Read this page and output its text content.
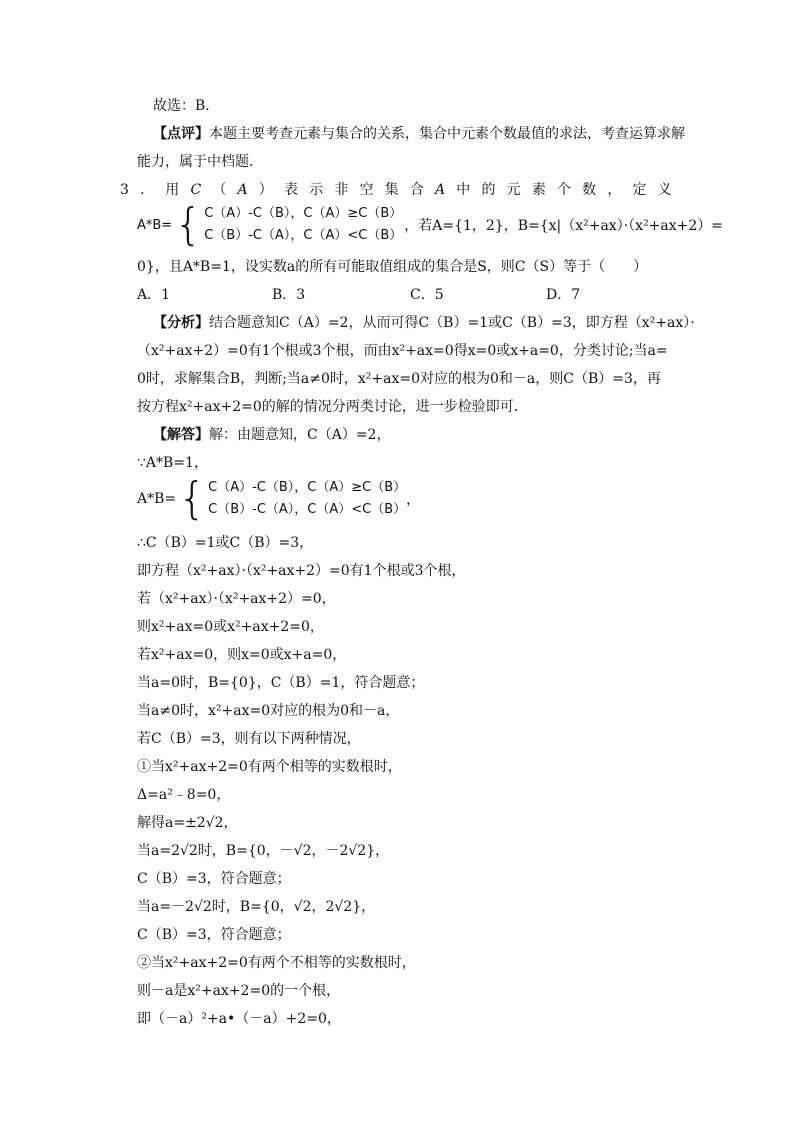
故选：B．
【点评】本题主要考查元素与集合的关系，集合中元素个数最值的求法，考查运算求解
能力，属于中档题．
3 ． 用 C （ A ） 表 示 非 空 集 合 A 中 的 元 素 个 数 ， 定 义
A*B= { C（A）-C（B），C（A）≥C（B）
C（B）-C（A），C（A）<C（B）
，若A={1，2}，B={x|（x²+ax）·（x²+ax+2）=
0}，且A*B=1，设实数a的所有可能取值组成的集合是S，则C（S）等于（　　）
A．1	B．3	C．5	D．7
【分析】结合题意知C（A）=2，从而可得C（B）=1或C（B）=3，即方程（x²+ax）·
（x²+ax+2）=0有1个根或3个根，而由x²+ax=0得x=0或x+a=0，分类讨论;当a=
0时，求解集合B，判断;当a≠0时，x²+ax=0对应的根为0和－a，则C（B）=3，再
按方程x²+ax+2=0的解的情况分两类讨论，进一步检验即可．
【解答】解：由题意知，C（A）=2，
∵A*B=1，
A*B= { C（A）-C（B），C（A）≥C（B）
C（B）-C（A），C（A）<C（B）
，
∴C（B）=1或C（B）=3，
即方程（x²+ax）·（x²+ax+2）=0有1个根或3个根，
若（x²+ax）·（x²+ax+2）=0，
则x²+ax=0或x²+ax+2=0，
若x²+ax=0，则x=0或x+a=0，
当a=0时，B={0}，C（B）=1，符合题意；
当a≠0时，x²+ax=0对应的根为0和－a，
若C（B）=3，则有以下两种情况，
①当x²+ax+2=0有两个相等的实数根时，
Δ=a²﹣8=0，
解得a=±2√2，
当a=2√2时，B={0，－√2，－2√2}，
C（B）=3，符合题意；
当a=－2√2时，B={0，√2，2√2}，
C（B）=3，符合题意；
②当x²+ax+2=0有两个不相等的实数根时，
则－a是x²+ax+2=0的一个根，
即（－a）²+a•（－a）+2=0，
